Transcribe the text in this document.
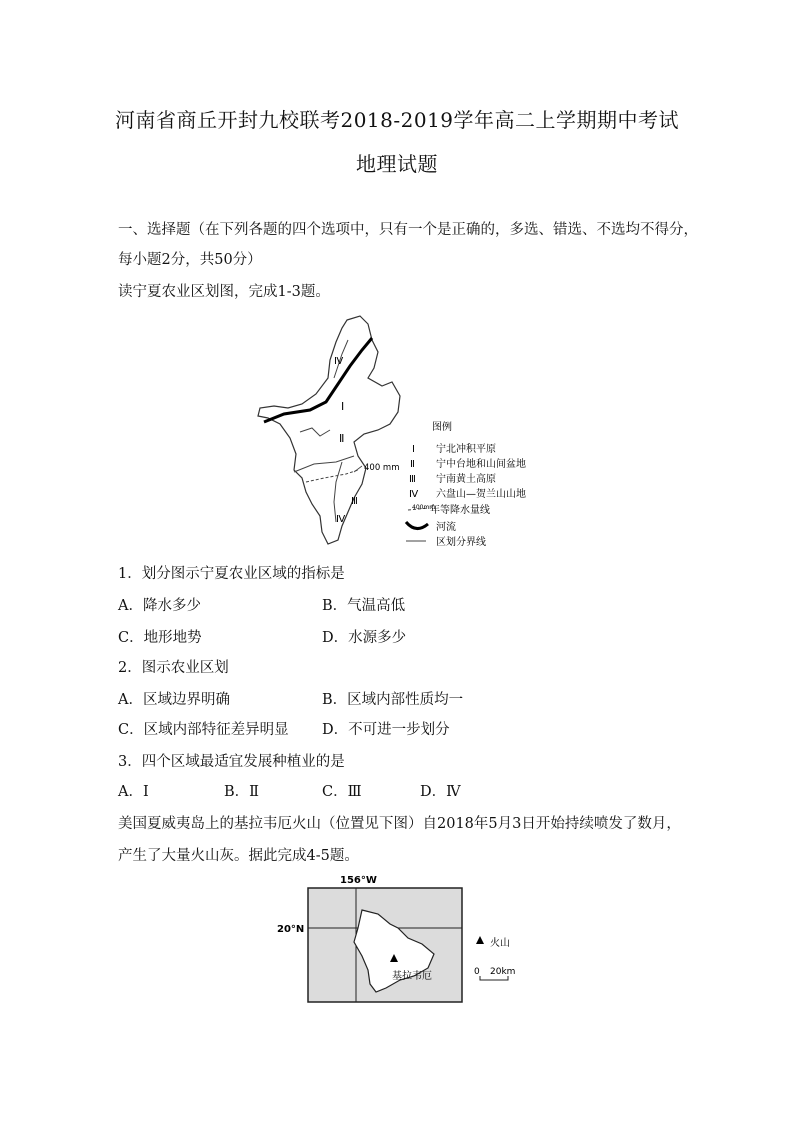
河南省商丘开封九校联考2018-2019学年高二上学期期中考试
地理试题
一、选择题（在下列各题的四个选项中，只有一个是正确的，多选、错选、不选均不得分，
每小题2分，共50分）
读宁夏农业区划图，完成1-3题。
Ⅰ
Ⅱ
Ⅲ
Ⅳ
Ⅳ
400 mm
图例
Ⅰ 宁北冲积平原
Ⅱ 宁中台地和山间盆地
Ⅲ 宁南黄土高原
Ⅳ 六盘山—贺兰山山地
400mm
年等降水量线
河流
区划分界线
1．划分图示宁夏农业区域的指标是
A．降水多少	B．气温高低
C．地形地势	D．水源多少
2．图示农业区划
A．区域边界明确	B．区域内部性质均一
C．区域内部特征差异明显 D．不可进一步划分
3．四个区域最适宜发展种植业的是
A．Ⅰ	B．Ⅱ	C．Ⅲ	D．Ⅳ
美国夏威夷岛上的基拉韦厄火山（位置见下图）自2018年5月3日开始持续喷发了数月，
产生了大量火山灰。据此完成4-5题。
基拉韦厄
156°W
20°N
火山
0 20km
